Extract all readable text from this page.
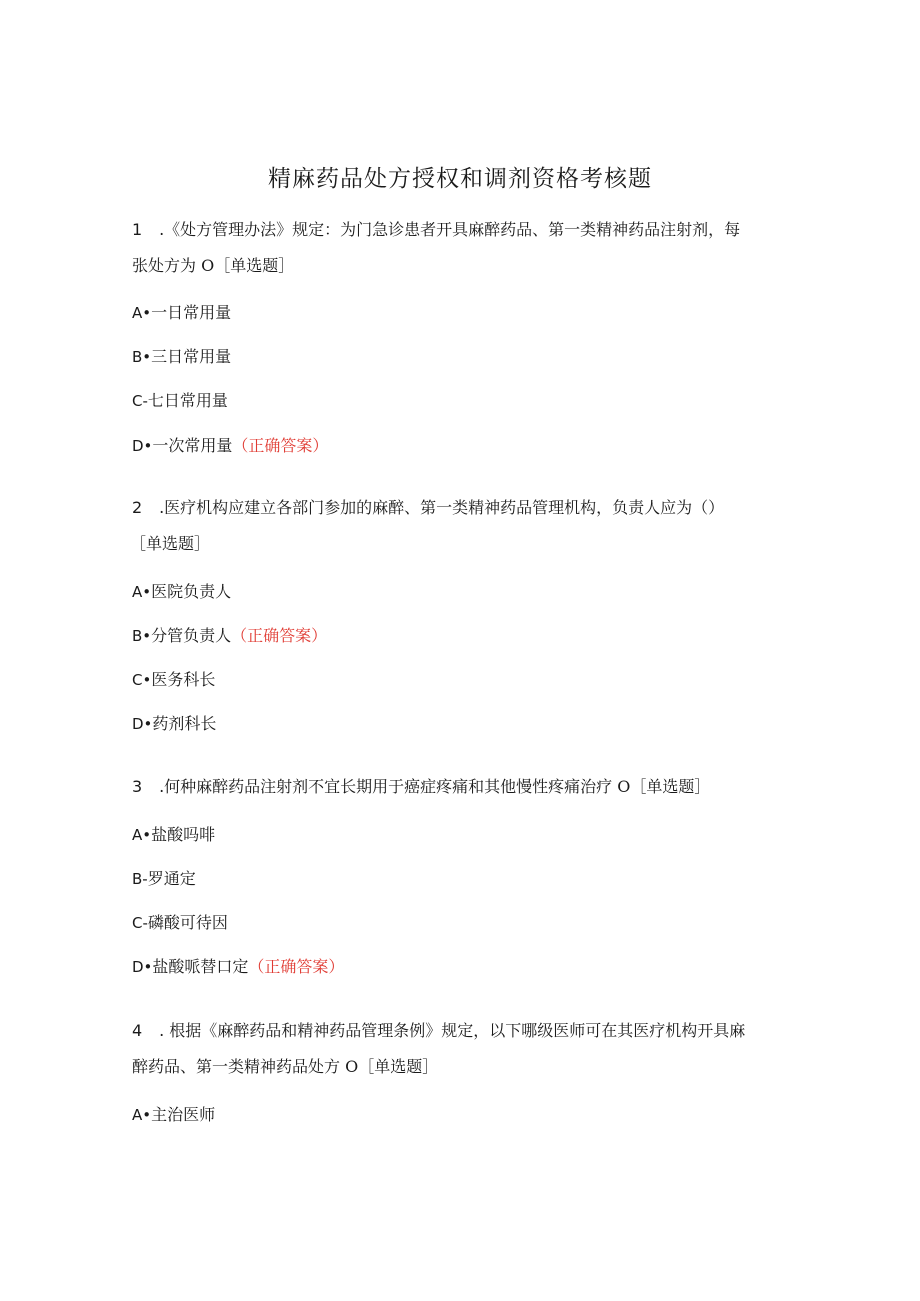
精麻药品处方授权和调剂资格考核题
1 .《处方管理办法》规定：为门急诊患者开具麻醉药品、第一类精神药品注射剂，每
张处方为 O［单选题］
A•一日常用量
B•三日常用量
C-七日常用量
D•一次常用量（正确答案）
2 .医疗机构应建立各部门参加的麻醉、第一类精神药品管理机构，负责人应为（）
［单选题］
A•医院负责人
B•分管负责人（正确答案）
C•医务科长
D•药剂科长
3 .何种麻醉药品注射剂不宜长期用于癌症疼痛和其他慢性疼痛治疗 O［单选题］
A•盐酸吗啡
B-罗通定
C-磷酸可待因
D•盐酸哌替口定（正确答案）
4 . 根据《麻醉药品和精神药品管理条例》规定，以下哪级医师可在其医疗机构开具麻
醉药品、第一类精神药品处方 O［单选题］
A•主治医师
